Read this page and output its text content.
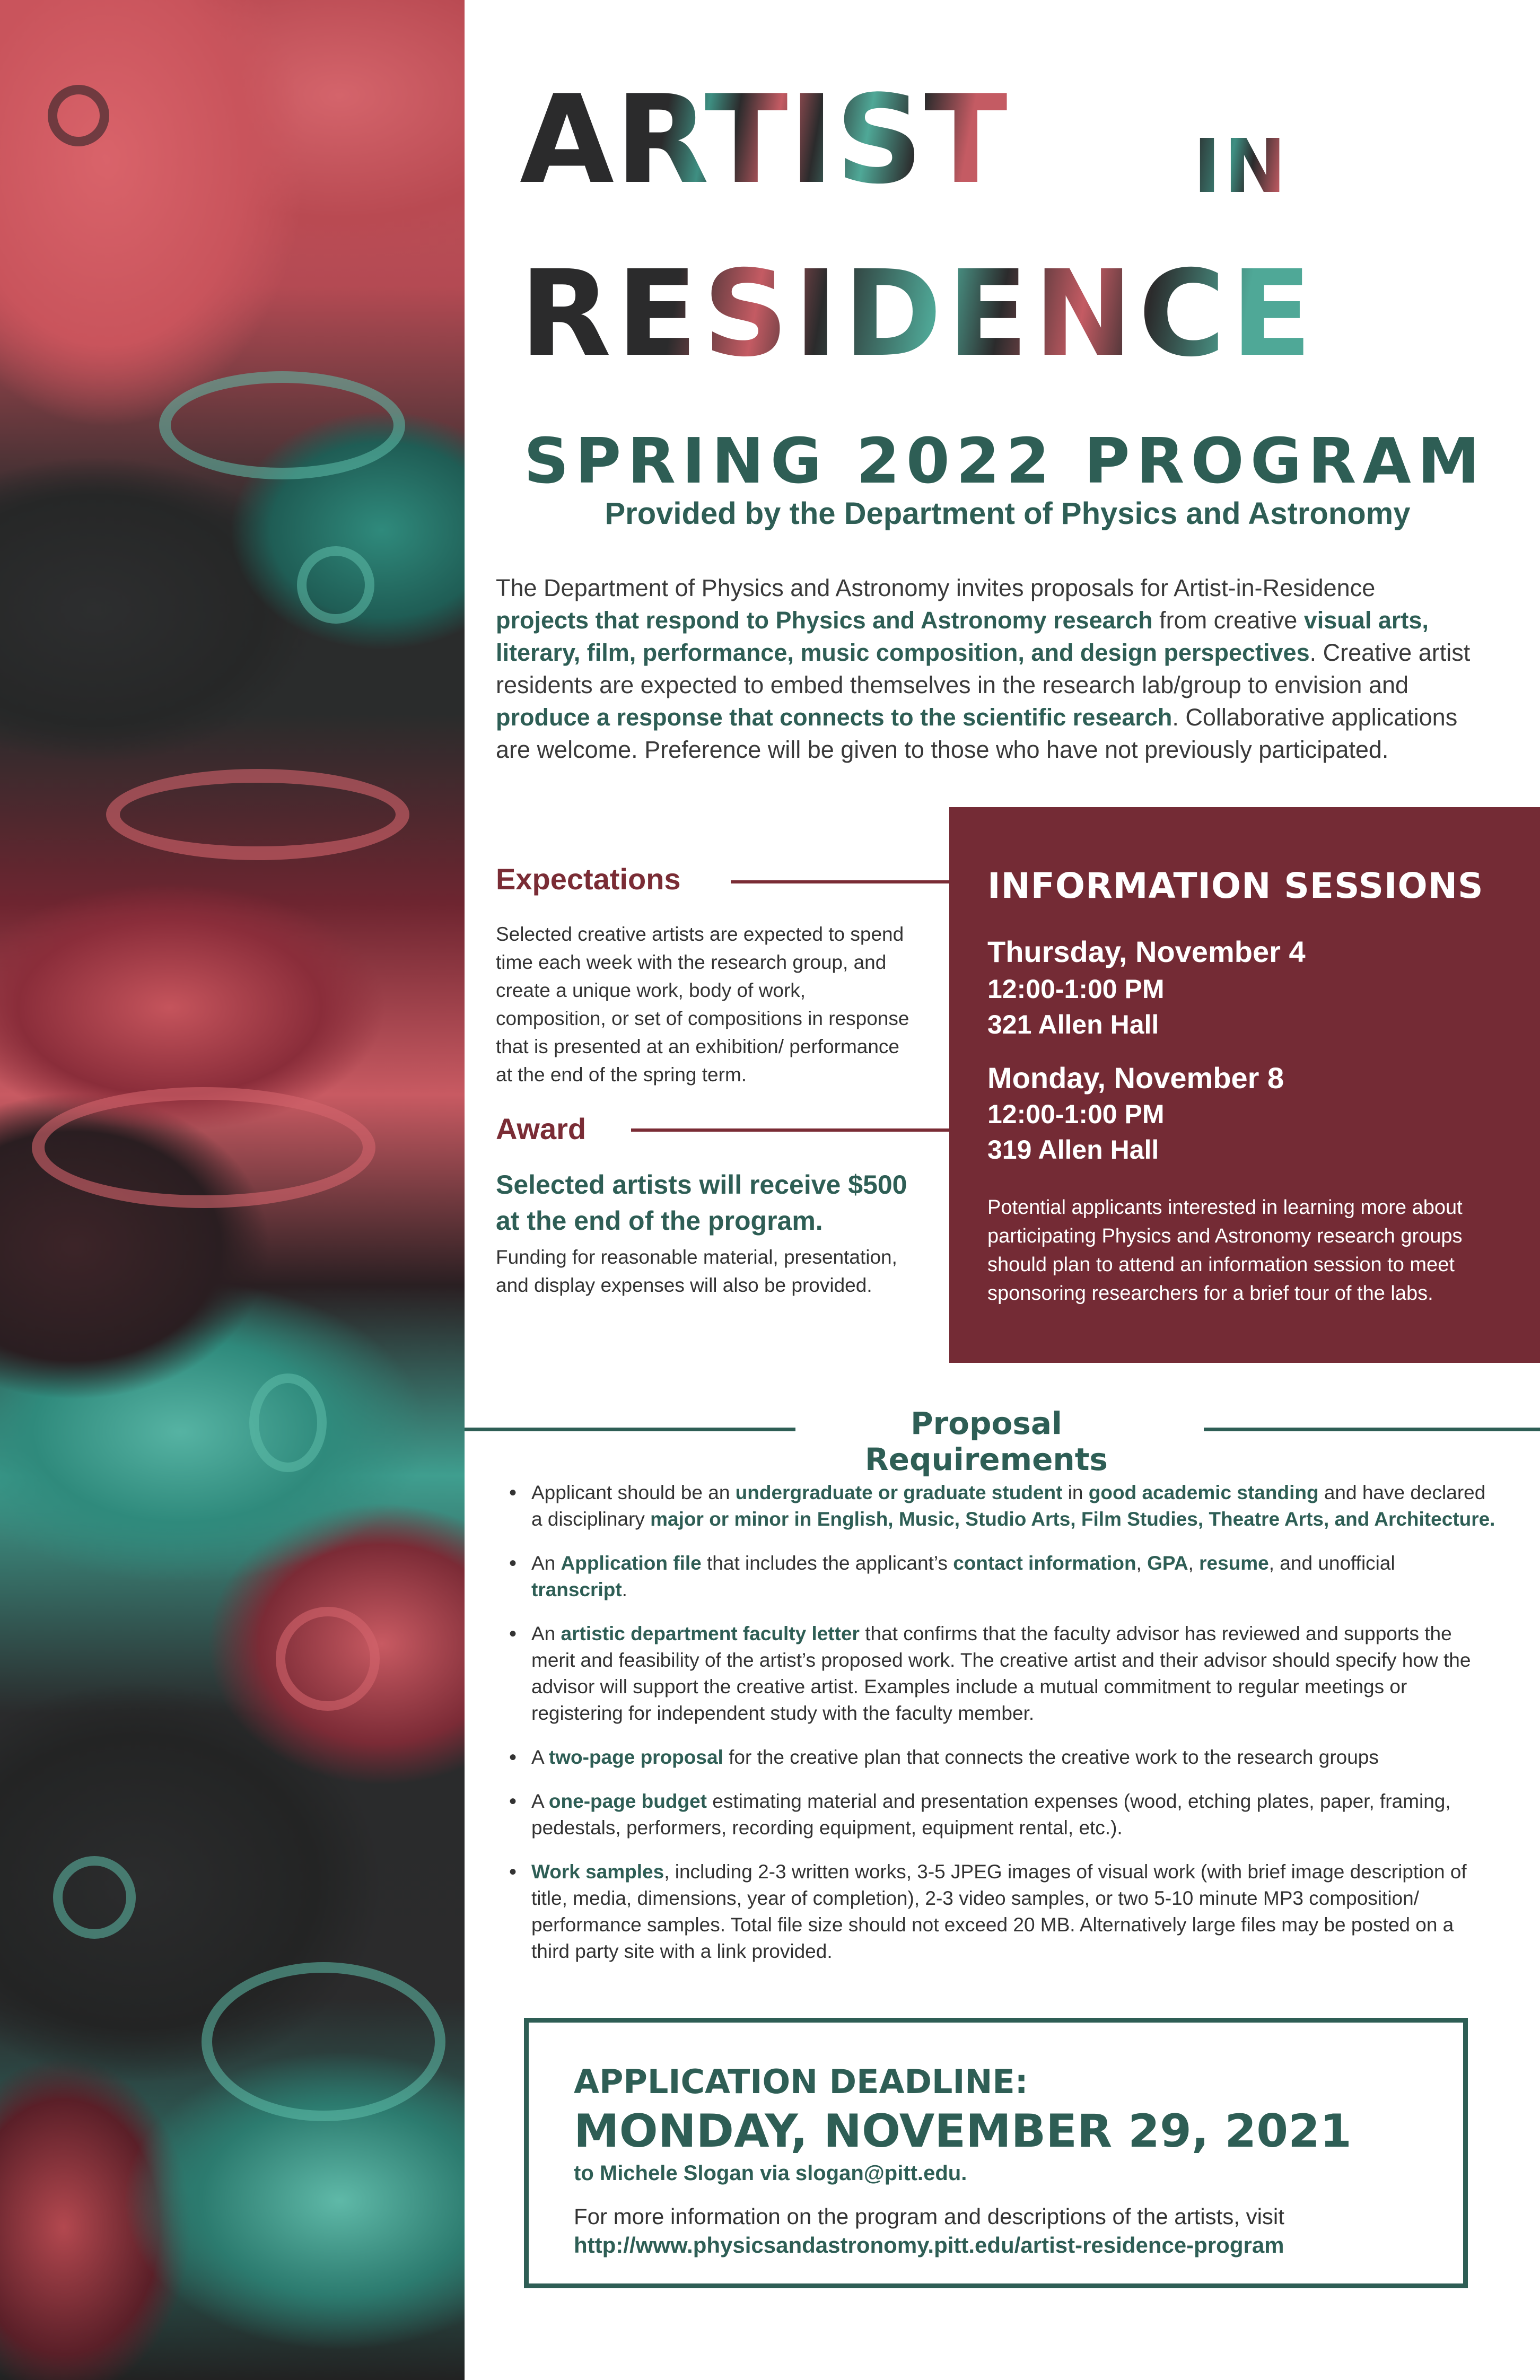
ARTIST IN
RESIDENCE
SPRING 2022 PROGRAM
Provided by the Department of Physics and Astronomy
The Department of Physics and Astronomy invites proposals for Artist-in-Residence projects that respond to Physics and Astronomy research from creative visual arts, literary, film, performance, music composition, and design perspectives. Creative artist residents are expected to embed themselves in the research lab/group to envision and produce a response that connects to the scientific research. Collaborative applications are welcome. Preference will be given to those who have not previously participated.
Expectations
Selected creative artists are expected to spend time each week with the research group, and create a unique work, body of work, composition, or set of compositions in response that is presented at an exhibition/ performance at the end of the spring term.
Award
Selected artists will receive $500 at the end of the program.
Funding for reasonable material, presentation, and display expenses will also be provided.
INFORMATION SESSIONS
Thursday, November 4
12:00-1:00 PM
321 Allen Hall
Monday, November 8
12:00-1:00 PM
319 Allen Hall
Potential applicants interested in learning more about participating Physics and Astronomy research groups should plan to attend an information session to meet sponsoring researchers for a brief tour of the labs.
Proposal Requirements
• Applicant should be an undergraduate or graduate student in good academic standing and have declared a disciplinary major or minor in English, Music, Studio Arts, Film Studies, Theatre Arts, and Architecture.
• An Application file that includes the applicant’s contact information, GPA, resume, and unofficial transcript.
• An artistic department faculty letter that confirms that the faculty advisor has reviewed and supports the merit and feasibility of the artist’s proposed work. The creative artist and their advisor should specify how the advisor will support the creative artist. Examples include a mutual commitment to regular meetings or registering for independent study with the faculty member.
• A two-page proposal for the creative plan that connects the creative work to the research groups
• A one-page budget estimating material and presentation expenses (wood, etching plates, paper, framing, pedestals, performers, recording equipment, equipment rental, etc.).
• Work samples, including 2-3 written works, 3-5 JPEG images of visual work (with brief image description of title, media, dimensions, year of completion), 2-3 video samples, or two 5-10 minute MP3 composition/ performance samples. Total file size should not exceed 20 MB. Alternatively large files may be posted on a third party site with a link provided.
APPLICATION DEADLINE:
MONDAY, NOVEMBER 29, 2021
to Michele Slogan via slogan@pitt.edu.
For more information on the program and descriptions of the artists, visit
http://www.physicsandastronomy.pitt.edu/artist-residence-program
